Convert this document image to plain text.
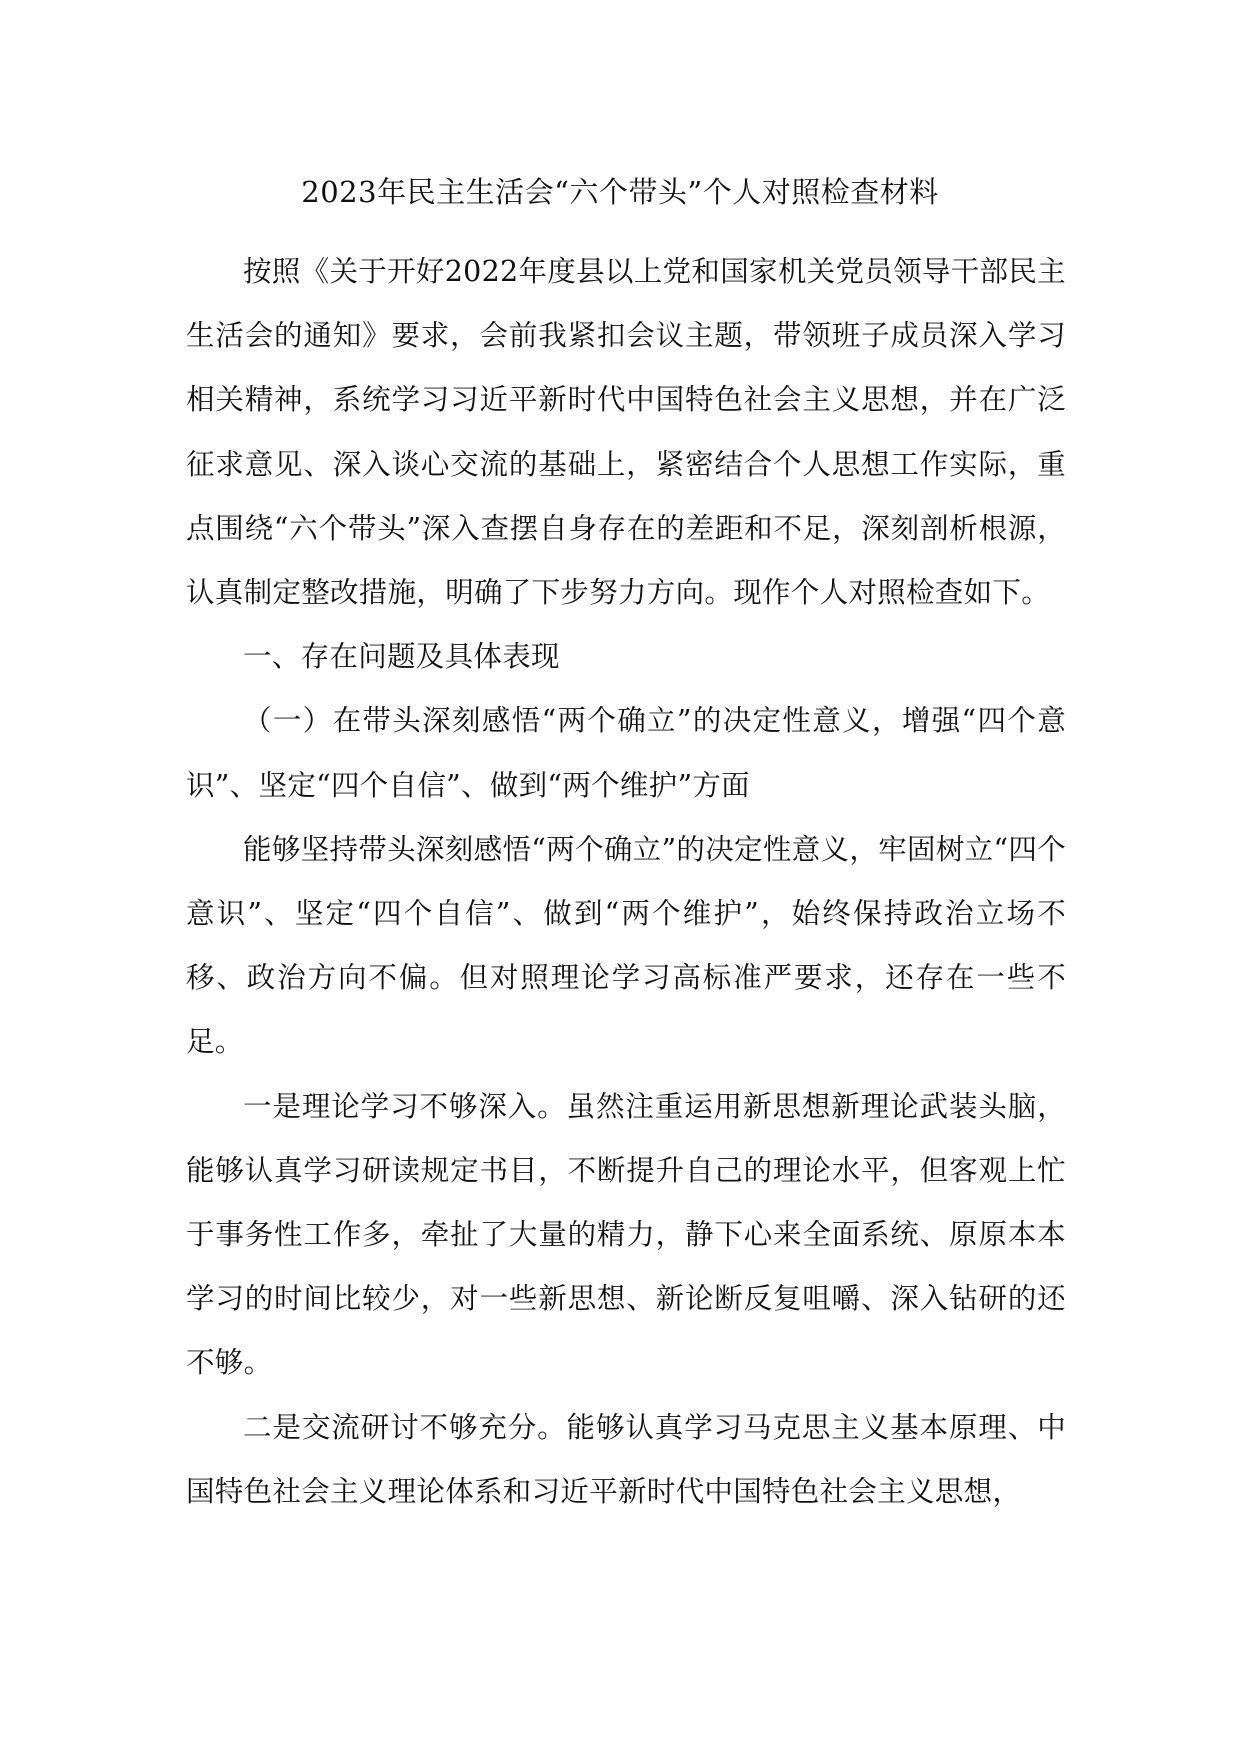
2023年民主生活会“六个带头”个人对照检查材料

按照《关于开好2022年度县以上党和国家机关党员领导干部民主生活会的通知》要求，会前我紧扣会议主题，带领班子成员深入学习相关精神，系统学习习近平新时代中国特色社会主义思想，并在广泛征求意见、深入谈心交流的基础上，紧密结合个人思想工作实际，重点围绕“六个带头”深入查摆自身存在的差距和不足，深刻剖析根源，认真制定整改措施，明确了下步努力方向。现作个人对照检查如下。

一、存在问题及具体表现

（一）在带头深刻感悟“两个确立”的决定性意义，增强“四个意识”、坚定“四个自信”、做到“两个维护”方面

能够坚持带头深刻感悟“两个确立”的决定性意义，牢固树立“四个意识”、坚定“四个自信”、做到“两个维护”，始终保持政治立场不移、政治方向不偏。但对照理论学习高标准严要求，还存在一些不足。

一是理论学习不够深入。虽然注重运用新思想新理论武装头脑，能够认真学习研读规定书目，不断提升自己的理论水平，但客观上忙于事务性工作多，牵扯了大量的精力，静下心来全面系统、原原本本学习的时间比较少，对一些新思想、新论断反复咀嚼、深入钻研的还不够。

二是交流研讨不够充分。能够认真学习马克思主义基本原理、中国特色社会主义理论体系和习近平新时代中国特色社会主义思想，
